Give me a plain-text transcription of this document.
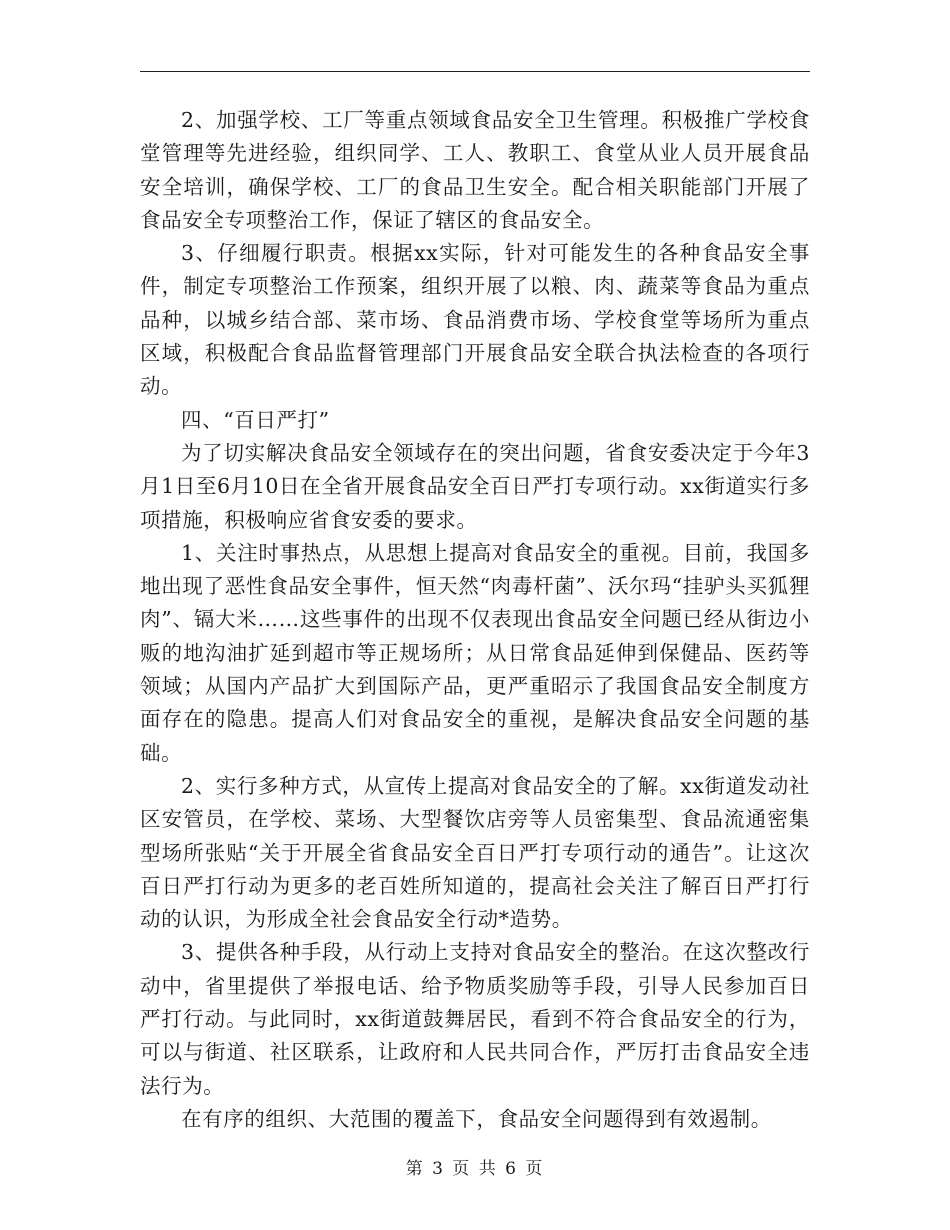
2、加强学校、工厂等重点领域食品安全卫生管理。积极推广学校食堂管理等先进经验，组织同学、工人、教职工、食堂从业人员开展食品安全培训，确保学校、工厂的食品卫生安全。配合相关职能部门开展了食品安全专项整治工作，保证了辖区的食品安全。

3、仔细履行职责。根据xx实际，针对可能发生的各种食品安全事件，制定专项整治工作预案，组织开展了以粮、肉、蔬菜等食品为重点品种，以城乡结合部、菜市场、食品消费市场、学校食堂等场所为重点区域，积极配合食品监督管理部门开展食品安全联合执法检查的各项行动。

四、“百日严打”

为了切实解决食品安全领域存在的突出问题，省食安委决定于今年3月1日至6月10日在全省开展食品安全百日严打专项行动。xx街道实行多项措施，积极响应省食安委的要求。

1、关注时事热点，从思想上提高对食品安全的重视。目前，我国多地出现了恶性食品安全事件，恒天然“肉毒杆菌”、沃尔玛“挂驴头买狐狸肉”、镉大米……这些事件的出现不仅表现出食品安全问题已经从街边小贩的地沟油扩延到超市等正规场所；从日常食品延伸到保健品、医药等领域；从国内产品扩大到国际产品，更严重昭示了我国食品安全制度方面存在的隐患。提高人们对食品安全的重视，是解决食品安全问题的基础。

2、实行多种方式，从宣传上提高对食品安全的了解。xx街道发动社区安管员，在学校、菜场、大型餐饮店旁等人员密集型、食品流通密集型场所张贴“关于开展全省食品安全百日严打专项行动的通告”。让这次百日严打行动为更多的老百姓所知道的，提高社会关注了解百日严打行动的认识，为形成全社会食品安全行动*造势。

3、提供各种手段，从行动上支持对食品安全的整治。在这次整改行动中，省里提供了举报电话、给予物质奖励等手段，引导人民参加百日严打行动。与此同时，xx街道鼓舞居民，看到不符合食品安全的行为，可以与街道、社区联系，让政府和人民共同合作，严厉打击食品安全违法行为。

在有序的组织、大范围的覆盖下，食品安全问题得到有效遏制。

第 3 页 共 6 页
